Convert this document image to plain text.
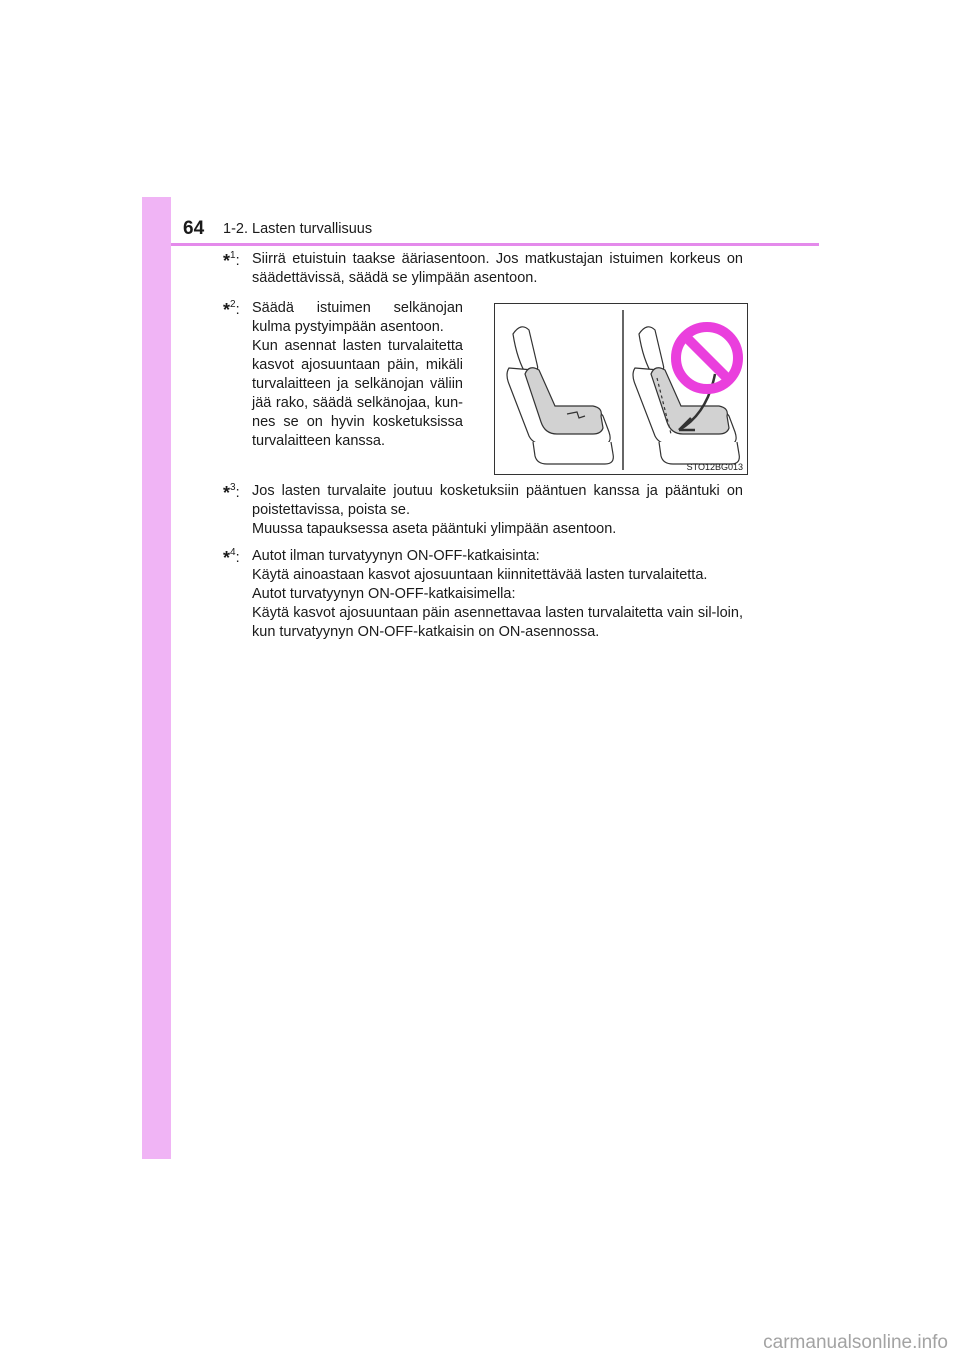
64 1-2. Lasten turvallisuus
*$^1$: Siirrä etuistuin taakse ääriasentoon. Jos matkustajan istuimen korkeus on säädettävissä, säädä se ylimpään asentoon.
*$^2$: Säädä istuimen selkänojan kulma pystyimpään asentoon.
Kun asennat lasten turvalaitetta kasvot ajosuuntaan päin, mikäli turvalaitteen ja selkänojan väliin jää rako, säädä selkänojaa, kun-nes se on hyvin kosketuksissa turvalaitteen kanssa.
STO12BG013
*$^3$: Jos lasten turvalaite joutuu kosketuksiin pääntuen kanssa ja pääntuki on poistettavissa, poista se.
Muussa tapauksessa aseta pääntuki ylimpään asentoon.
*$^4$: Autot ilman turvatyynyn ON-OFF-katkaisinta:
Käytä ainoastaan kasvot ajosuuntaan kiinnitettävää lasten turvalaitetta.
Autot turvatyynyn ON-OFF-katkaisimella:
Käytä kasvot ajosuuntaan päin asennettavaa lasten turvalaitetta vain sil-loin, kun turvatyynyn ON-OFF-katkaisin on ON-asennossa.
carmanualsonline.info
